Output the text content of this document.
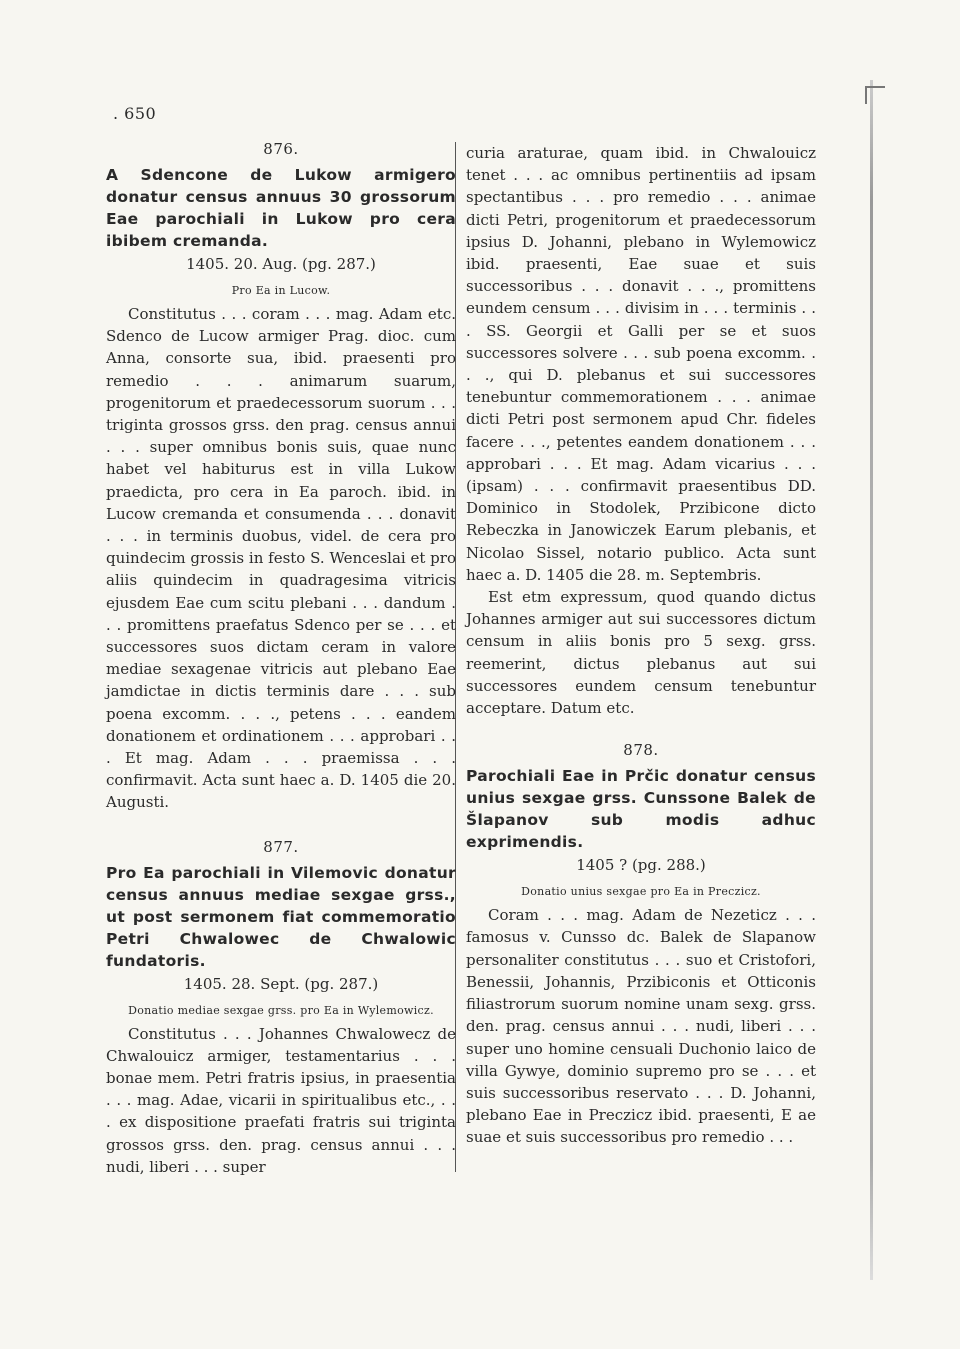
. 650

876.

A Sdencone de Lukow armigero donatur census annuus 30 grossorum Eae parochiali in Lukow pro cera ibibem cremanda.

1405. 20. Aug. (pg. 287.)

Pro Ea in Lucow.

Constitutus . . . coram . . . mag. Adam etc. Sdenco de Lucow armiger Prag. dioc. cum Anna, consorte sua, ibid. praesenti pro remedio . . . animarum suarum, progenitorum et praedecessorum suorum . . . triginta grossos grss. den prag. census annui . . . super omnibus bonis suis, quae nunc habet vel habiturus est in villa Lukow praedicta, pro cera in Ea paroch. ibid. in Lucow cremanda et consumenda . . . donavit . . . in terminis duobus, videl. de cera pro quindecim grossis in festo S. Wenceslai et pro aliis quindecim in quadragesima vitricis ejusdem Eae cum scitu plebani . . . dandum . . . promittens praefatus Sdenco per se . . . et successores suos dictam ceram in valore mediae sexagenae vitricis aut plebano Eae jamdictae in dictis terminis dare . . . sub poena excomm. . . ., petens . . . eandem donationem et ordinationem . . . approbari . . . Et mag. Adam . . . praemissa . . . confirmavit. Acta sunt haec a. D. 1405 die 20. Augusti.

877.

Pro Ea parochiali in Vilemovic donatur census annuus mediae sexgae grss., ut post sermonem fiat commemoratio Petri Chwalowec de Chwalowic fundatoris.

1405. 28. Sept. (pg. 287.)

Donatio mediae sexgae grss. pro Ea in Wylemowicz.

Constitutus . . . Johannes Chwalowecz de Chwalouicz armiger, testamentarius . . . bonae mem. Petri fratris ipsius, in praesentia . . . mag. Adae, vicarii in spiritualibus etc., . . . ex dispositione praefati fratris sui triginta grossos grss. den. prag. census annui . . . nudi, liberi . . . super

curia araturae, quam ibid. in Chwalouicz tenet . . . ac omnibus pertinentiis ad ipsam spectantibus . . . pro remedio . . . animae dicti Petri, progenitorum et praedecessorum ipsius D. Johanni, plebano in Wylemowicz ibid. praesenti, Eae suae et suis successoribus . . . donavit . . ., promittens eundem censum . . . divisim in . . . terminis . . . SS. Georgii et Galli per se et suos successores solvere . . . sub poena excomm. . . ., qui D. plebanus et sui successores tenebuntur commemorationem . . . animae dicti Petri post sermonem apud Chr. fideles facere . . ., petentes eandem donationem . . . approbari . . . Et mag. Adam vicarius . . . (ipsam) . . . confirmavit praesentibus DD. Dominico in Stodolek, Przibicone dicto Rebeczka in Janowiczek Earum plebanis, et Nicolao Sissel, notario publico. Acta sunt haec a. D. 1405 die 28. m. Septembris.

Est etm expressum, quod quando dictus Johannes armiger aut sui successores dictum censum in aliis bonis pro 5 sexg. grss. reemerint, dictus plebanus aut sui successores eundem censum tenebuntur acceptare. Datum etc.

878.

Parochiali Eae in Prčic donatur census unius sexgae grss. Cunssone Balek de Šlapanov sub modis adhuc exprimendis.

1405 ? (pg. 288.)

Donatio unius sexgae pro Ea in Preczicz.

Coram . . . mag. Adam de Nezeticz . . . famosus v. Cunsso dc. Balek de Slapanow personaliter constitutus . . . suo et Cristofori, Benessii, Johannis, Przibiconis et Otticonis filiastrorum suorum nomine unam sexg. grss. den. prag. census annui . . . nudi, liberi . . . super uno homine censuali Duchonio laico de villa Gywye, dominio supremo pro se . . . et suis successoribus reservato . . . D. Johanni, plebano Eae in Preczicz ibid. praesenti, E ae suae et suis successoribus pro remedio . . .
